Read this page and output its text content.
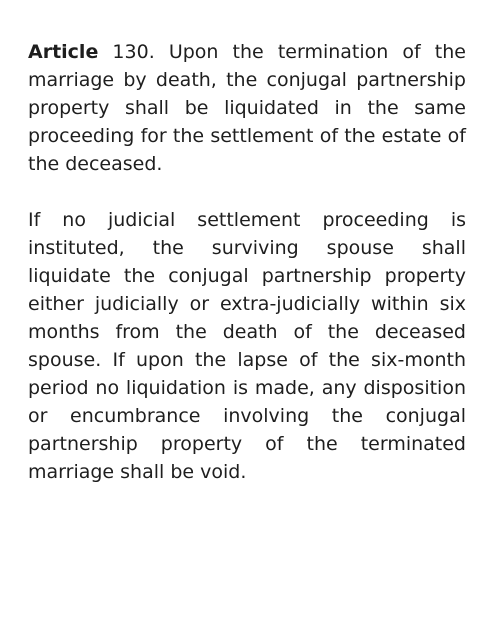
Article 130. Upon the termination of the marriage by death, the conjugal partnership property shall be liquidated in the same proceeding for the settlement of the estate of the deceased.

If no judicial settlement proceeding is instituted, the surviving spouse shall liquidate the conjugal partnership property either judicially or extra-judicially within six months from the death of the deceased spouse. If upon the lapse of the six-month period no liquidation is made, any disposition or encumbrance involving the conjugal partnership property of the terminated marriage shall be void.
